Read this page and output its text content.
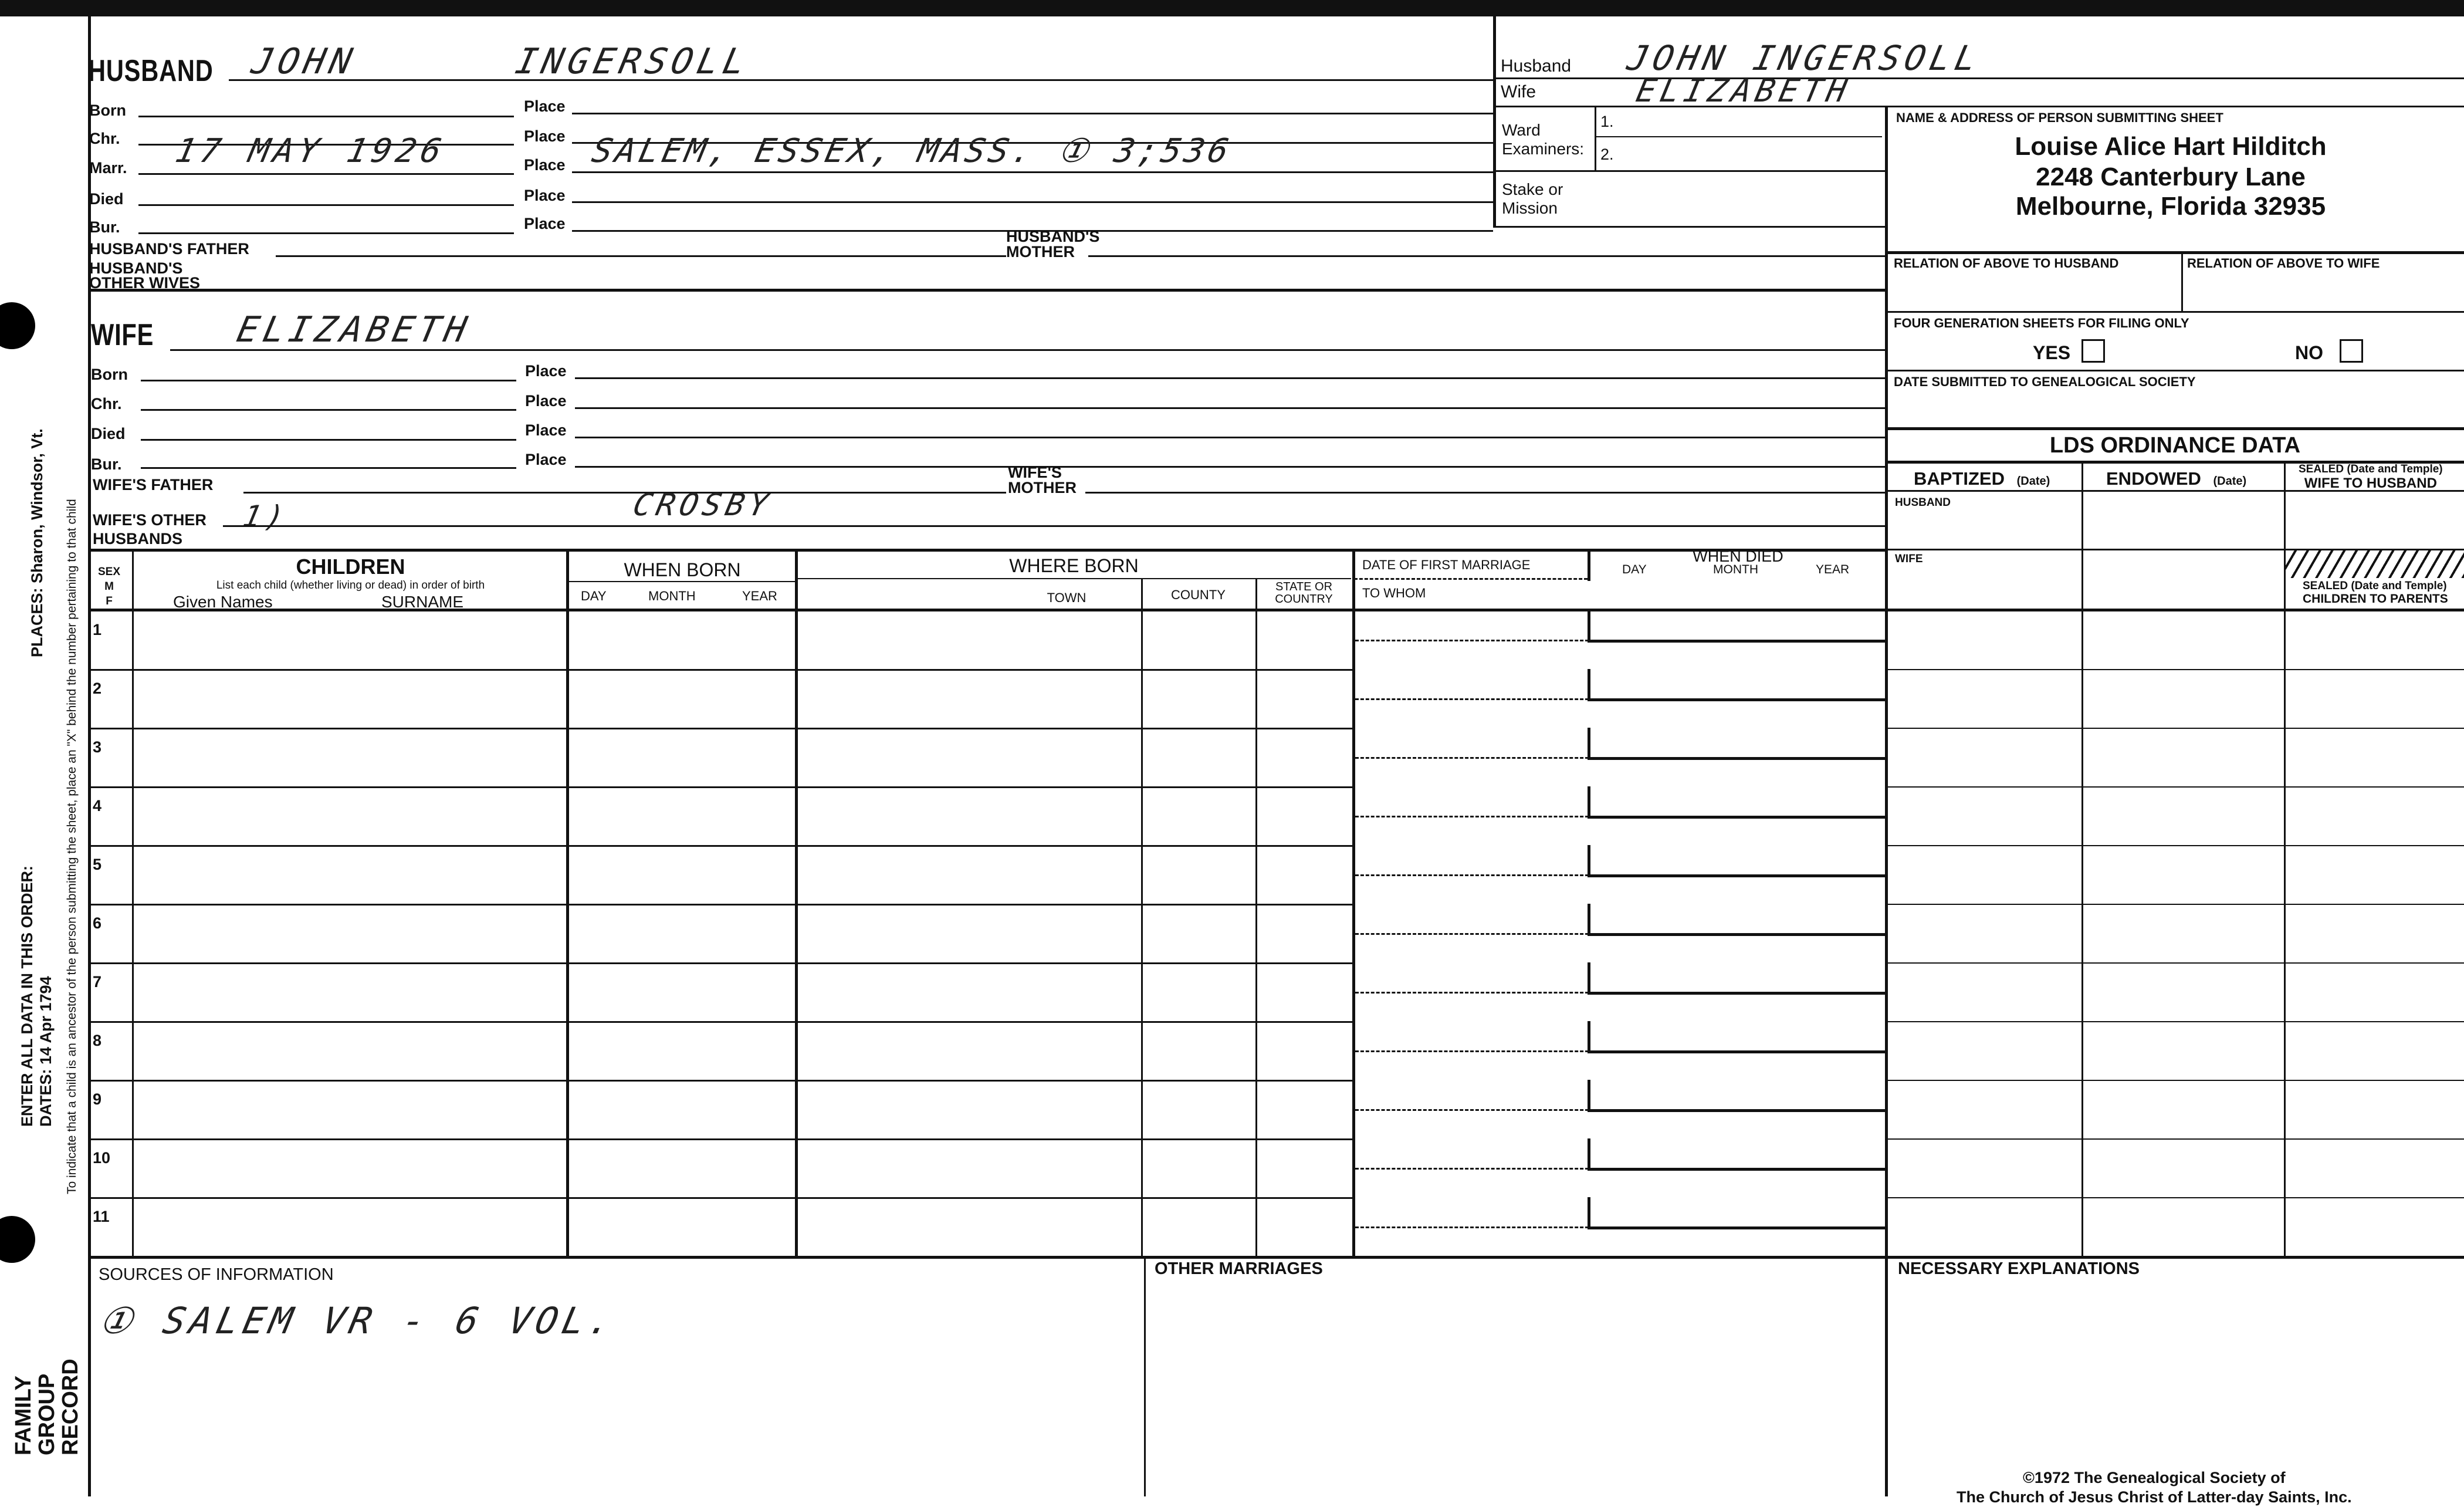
FAMILY
GROUP
RECORD
ENTER ALL DATA IN THIS ORDER:
DATES: 14 Apr 1794
PLACES: Sharon, Windsor, Vt. To indicate that a child is an ancestor of the person submitting the sheet, place an "X" behind the number pertaining to that child
HUSBAND JOHN	INGERSOLL
Born	Place
Chr.	Place
Marr. 17 MAY 1926	Place SALEM, ESSEX, MASS. ① 3;536
Died	Place
Bur.	Place
HUSBAND'S FATHER
HUSBAND'S
MOTHER
HUSBAND'S
OTHER WIVES
WIFE ELIZABETH
Born	Place
Chr.	Place
Died	Place
Bur.	Place
WIFE'S FATHER
WIFE'S
MOTHER
WIFE'S OTHER
HUSBANDS
1)	CROSBY
Husband JOHN INGERSOLL
Wife	ELIZABETH
Ward
Examiners:
1.
2.
Stake or
Mission
NAME & ADDRESS OF PERSON SUBMITTING SHEET
Louise Alice Hart Hilditch
2248 Canterbury Lane
Melbourne, Florida 32935
RELATION OF ABOVE TO HUSBAND	RELATION OF ABOVE TO WIFE
FOUR GENERATION SHEETS FOR FILING ONLY
YES	NO
DATE SUBMITTED TO GENEALOGICAL SOCIETY
LDS ORDINANCE DATA
BAPTIZED (Date)	ENDOWED (Date)
SEALED (Date and Temple)
WIFE TO HUSBAND
HUSBAND
WIFE
SEALED (Date and Temple)
CHILDREN TO PARENTS
SEX
M
F
CHILDREN
List each child (whether living or dead) in order of birth
Given Names	SURNAME
WHEN BORN
DAY	MONTH	YEAR
WHERE BORN
TOWN	COUNTY
STATE OR
COUNTRY
DATE OF FIRST MARRIAGE
TO WHOM
WHEN DIED
DAY	MONTH	YEAR
1
2
3
4
5
6
7
8
9
10
11
SOURCES OF INFORMATION
① SALEM VR - 6 VOL.
OTHER MARRIAGES	NECESSARY EXPLANATIONS
©1972 The Genealogical Society of
The Church of Jesus Christ of Latter-day Saints, Inc.
